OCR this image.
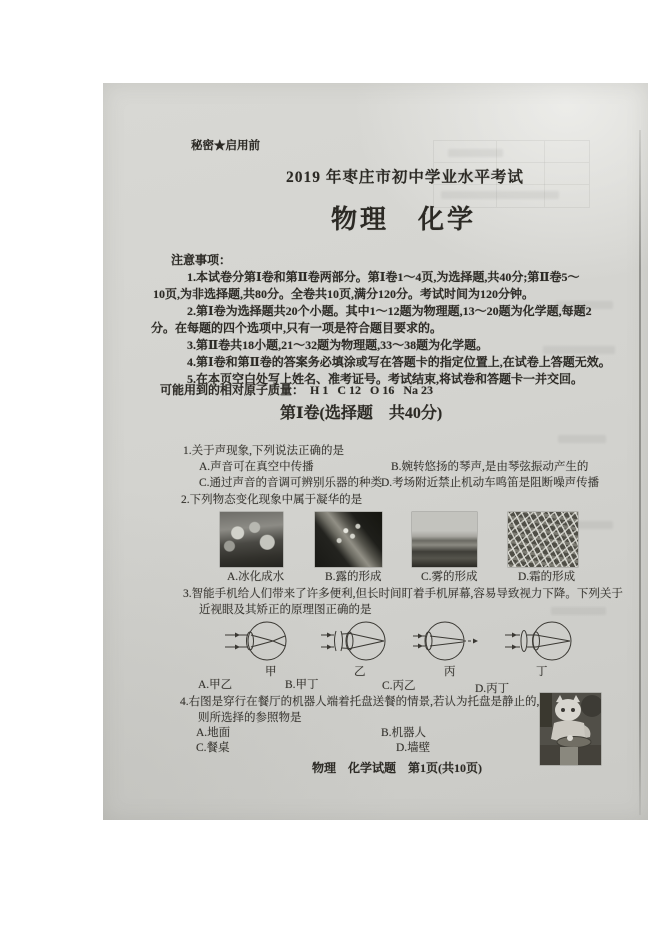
秘密★启用前
2019 年枣庄市初中学业水平考试
物理　化学
注意事项：
1.本试卷分第Ⅰ卷和第Ⅱ卷两部分。第Ⅰ卷1～4页,为选择题,共40分;第Ⅱ卷5～
10页,为非选择题,共80分。全卷共10页,满分120分。考试时间为120分钟。
2.第Ⅰ卷为选择题共20个小题。其中1～12题为物理题,13～20题为化学题,每题2
分。在每题的四个选项中,只有一项是符合题目要求的。
3.第Ⅱ卷共18小题,21～32题为物理题,33～38题为化学题。
4.第Ⅰ卷和第Ⅱ卷的答案务必填涂或写在答题卡的指定位置上,在试卷上答题无效。
5.在本页空白处写上姓名、准考证号。考试结束,将试卷和答题卡一并交回。
可能用到的相对原子质量：  H 1   C 12   O 16   Na 23
第Ⅰ卷(选择题　共40分)
1.关于声现象,下列说法正确的是
A.声音可在真空中传播	B.婉转悠扬的琴声,是由琴弦振动产生的
C.通过声音的音调可辨别乐器的种类
D.考场附近禁止机动车鸣笛是阻断噪声传播
2.下列物态变化现象中属于凝华的是
A.冰化成水	B.露的形成	C.雾的形成	D.霜的形成
3.智能手机给人们带来了许多便利,但长时间盯着手机屏幕,容易导致视力下降。下列关于
近视眼及其矫正的原理图正确的是
甲	乙	丙	丁
A.甲乙	B.甲丁	C.丙乙	D.丙丁
4.右图是穿行在餐厅的机器人端着托盘送餐的情景,若认为托盘是静止的,
则所选择的参照物是
A.地面	B.机器人
C.餐桌	D.墙壁
物理　化学试题　第1页(共10页)
